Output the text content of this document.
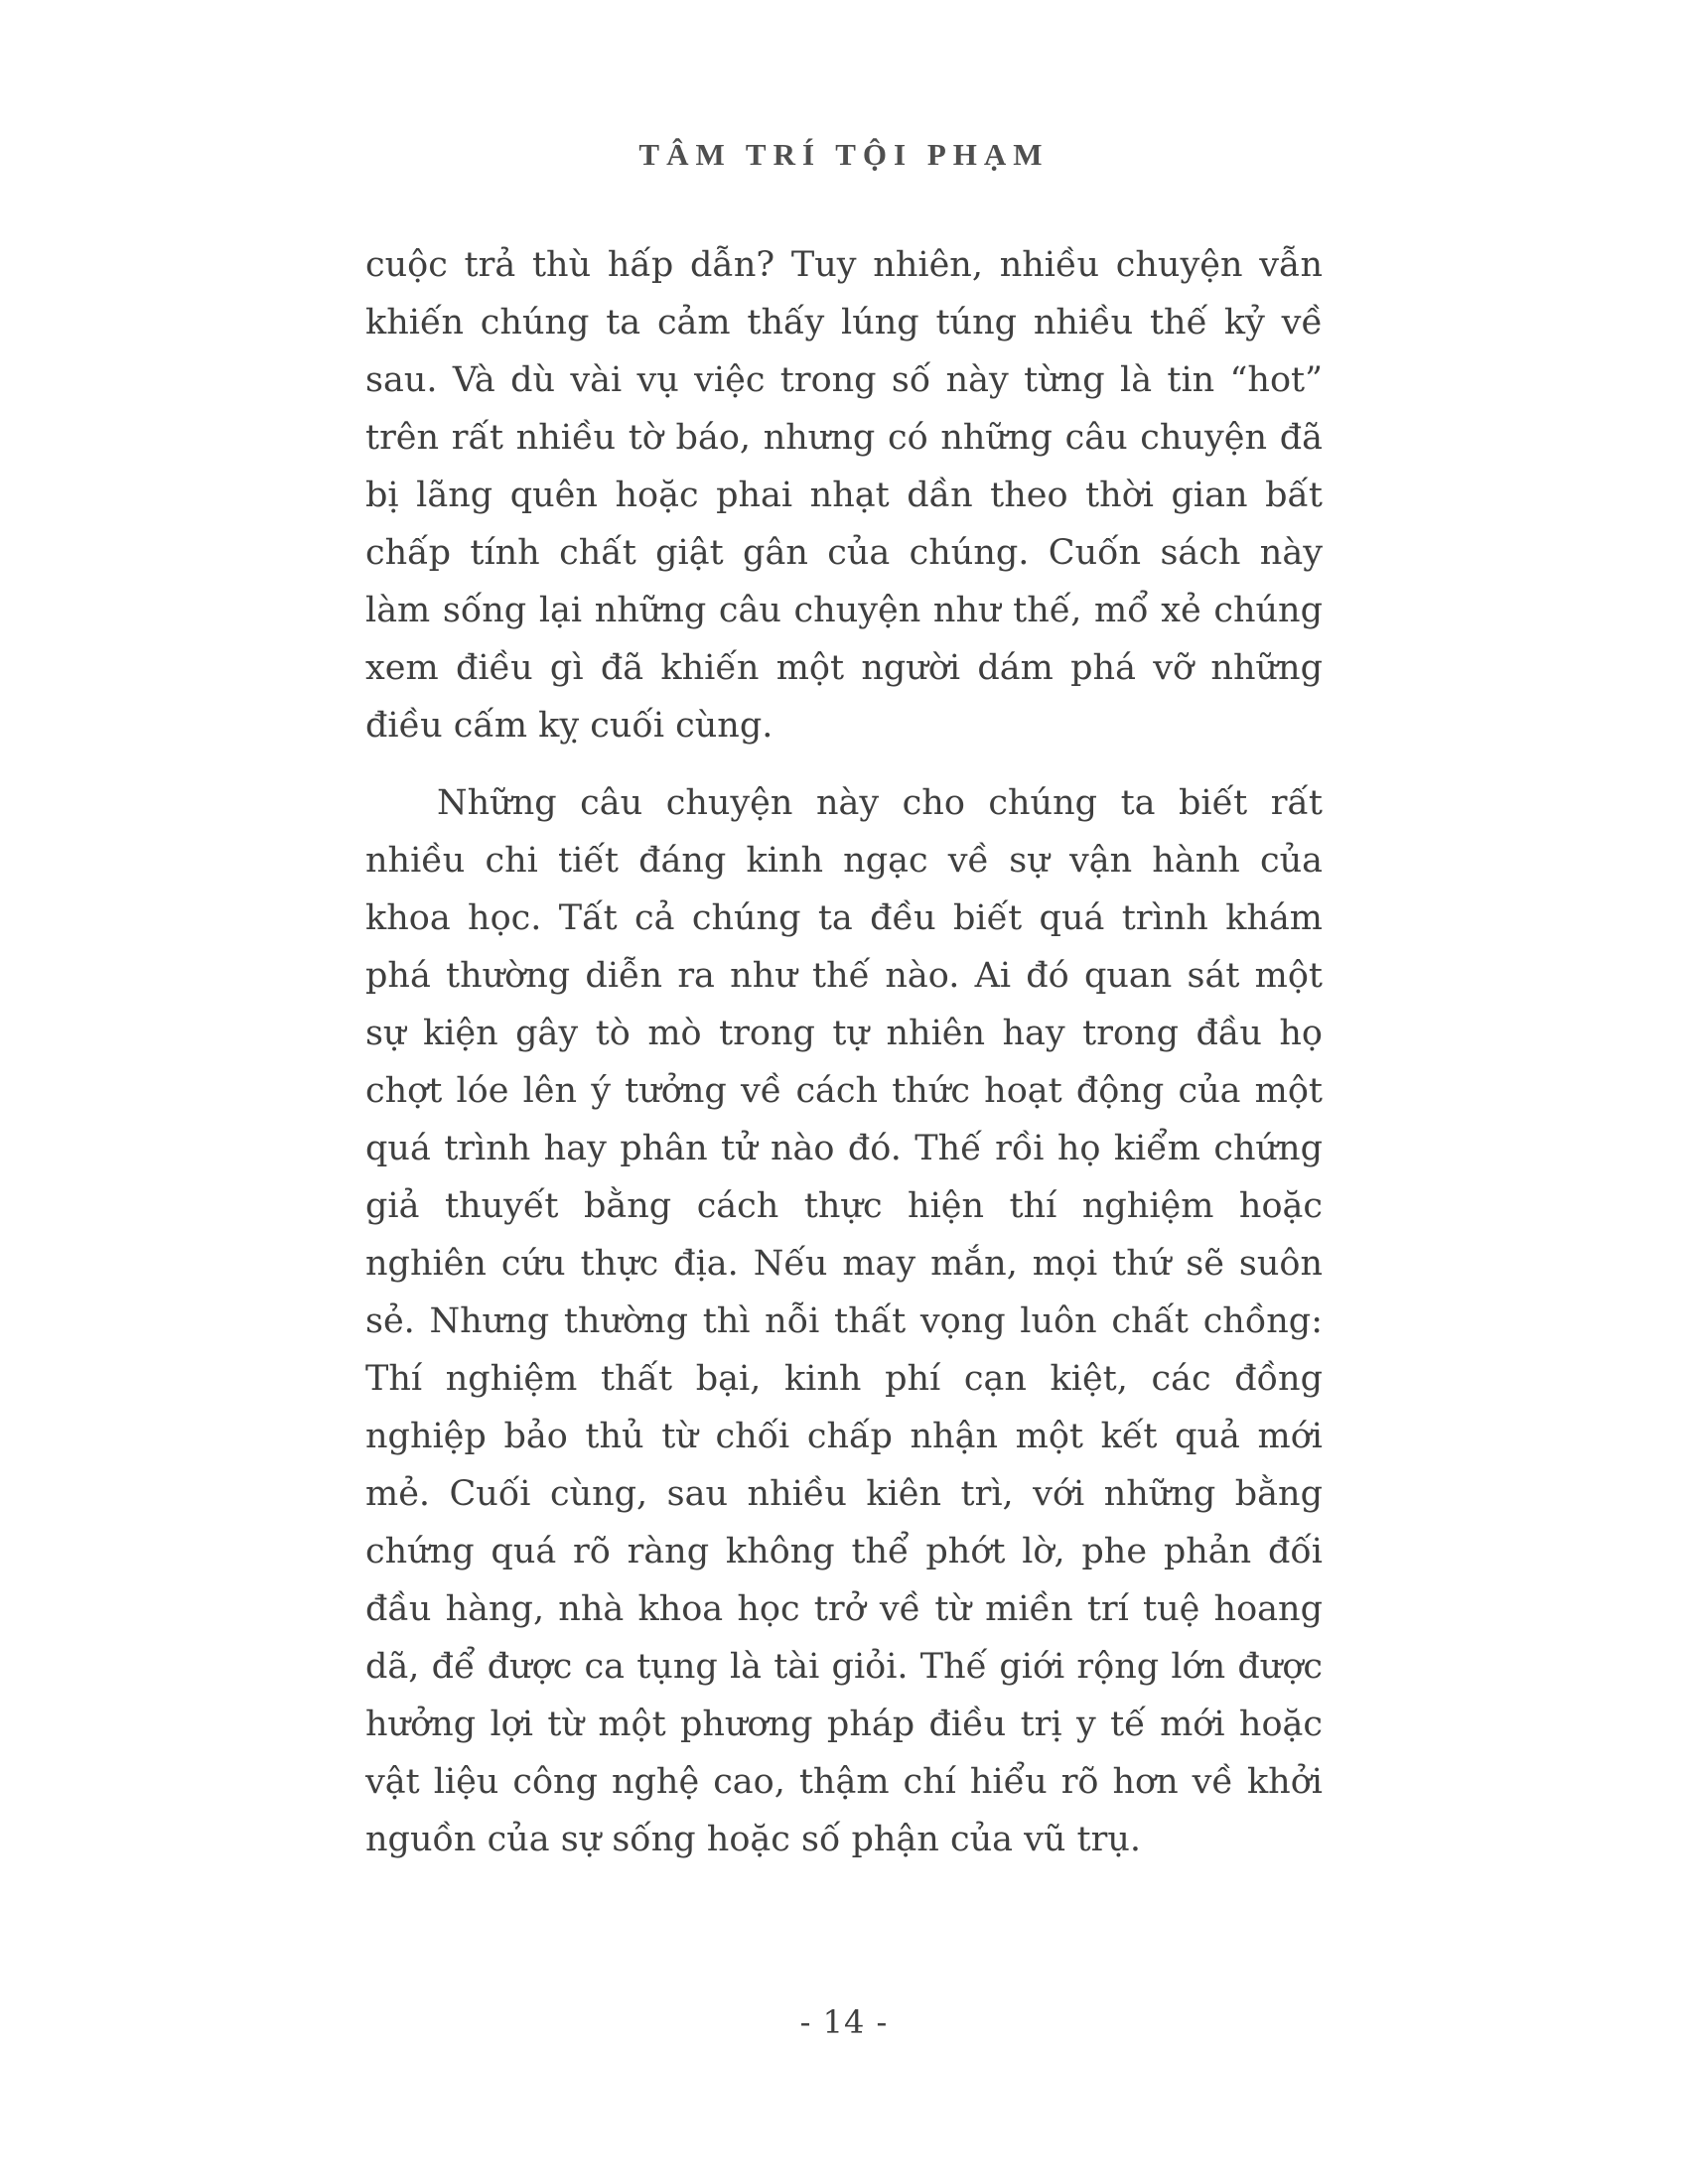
TÂM TRÍ TỘI PHẠM

cuộc trả thù hấp dẫn? Tuy nhiên, nhiều chuyện vẫn khiến chúng ta cảm thấy lúng túng nhiều thế kỷ về sau. Và dù vài vụ việc trong số này từng là tin “hot” trên rất nhiều tờ báo, nhưng có những câu chuyện đã bị lãng quên hoặc phai nhạt dần theo thời gian bất chấp tính chất giật gân của chúng. Cuốn sách này làm sống lại những câu chuyện như thế, mổ xẻ chúng xem điều gì đã khiến một người dám phá vỡ những điều cấm kỵ cuối cùng.

Những câu chuyện này cho chúng ta biết rất nhiều chi tiết đáng kinh ngạc về sự vận hành của khoa học. Tất cả chúng ta đều biết quá trình khám phá thường diễn ra như thế nào. Ai đó quan sát một sự kiện gây tò mò trong tự nhiên hay trong đầu họ chợt lóe lên ý tưởng về cách thức hoạt động của một quá trình hay phân tử nào đó. Thế rồi họ kiểm chứng giả thuyết bằng cách thực hiện thí nghiệm hoặc nghiên cứu thực địa. Nếu may mắn, mọi thứ sẽ suôn sẻ. Nhưng thường thì nỗi thất vọng luôn chất chồng: Thí nghiệm thất bại, kinh phí cạn kiệt, các đồng nghiệp bảo thủ từ chối chấp nhận một kết quả mới mẻ. Cuối cùng, sau nhiều kiên trì, với những bằng chứng quá rõ ràng không thể phớt lờ, phe phản đối đầu hàng, nhà khoa học trở về từ miền trí tuệ hoang dã, để được ca tụng là tài giỏi. Thế giới rộng lớn được hưởng lợi từ một phương pháp điều trị y tế mới hoặc vật liệu công nghệ cao, thậm chí hiểu rõ hơn về khởi nguồn của sự sống hoặc số phận của vũ trụ.

- 14 -
